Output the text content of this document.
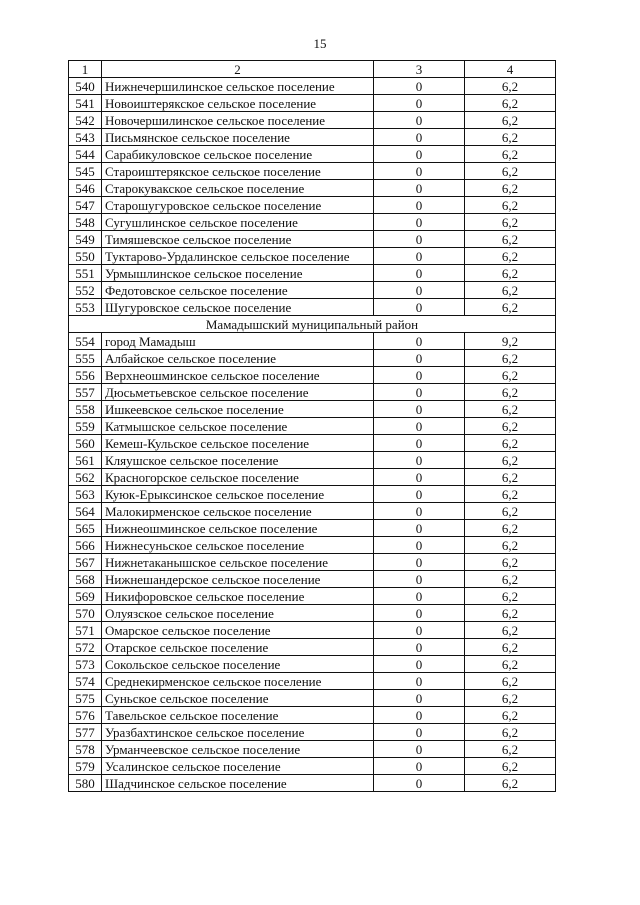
15
1	2	3	4
540	Нижнечершилинское сельское поселение	0	6,2
541	Новоиштерякское сельское поселение	0	6,2
542	Новочершилинское сельское поселение	0	6,2
543	Письмянское сельское поселение	0	6,2
544	Сарабикуловское сельское поселение	0	6,2
545	Староиштерякское сельское поселение	0	6,2
546	Старокувакское сельское поселение	0	6,2
547	Старошугуровское сельское поселение	0	6,2
548	Сугушлинское сельское поселение	0	6,2
549	Тимяшевское сельское поселение	0	6,2
550	Туктарово-Урдалинское сельское поселение	0	6,2
551	Урмышлинское сельское поселение	0	6,2
552	Федотовское сельское поселение	0	6,2
553	Шугуровское сельское поселение	0	6,2
Мамадышский муниципальный район			
554	город Мамадыш	0	9,2
555	Албайское сельское поселение	0	6,2
556	Верхнеошминское сельское поселение	0	6,2
557	Дюсьметьевское сельское поселение	0	6,2
558	Ишкеевское сельское поселение	0	6,2
559	Катмышское сельское поселение	0	6,2
560	Кемеш-Кульское сельское поселение	0	6,2
561	Кляушское сельское поселение	0	6,2
562	Красногорское сельское поселение	0	6,2
563	Куюк-Ерыксинское сельское поселение	0	6,2
564	Малокирменское сельское поселение	0	6,2
565	Нижнеошминское сельское поселение	0	6,2
566	Нижнесуньское сельское поселение	0	6,2
567	Нижнетаканышское сельское поселение	0	6,2
568	Нижнешандерское сельское поселение	0	6,2
569	Никифоровское сельское поселение	0	6,2
570	Олуязское сельское поселение	0	6,2
571	Омарское сельское поселение	0	6,2
572	Отарское сельское поселение	0	6,2
573	Сокольское сельское поселение	0	6,2
574	Среднекирменское сельское поселение	0	6,2
575	Суньское сельское поселение	0	6,2
576	Тавельское сельское поселение	0	6,2
577	Уразбахтинское сельское поселение	0	6,2
578	Урманчеевское сельское поселение	0	6,2
579	Усалинское сельское поселение	0	6,2
580	Шадчинское сельское поселение	0	6,2
